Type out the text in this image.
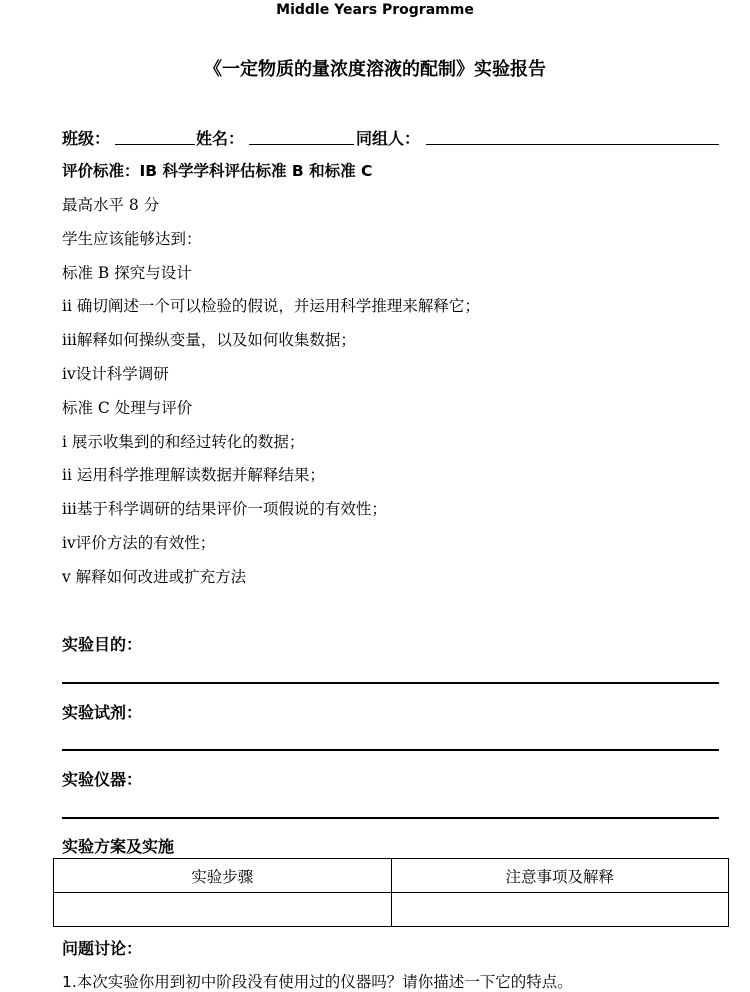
Middle Years Programme
《一定物质的量浓度溶液的配制》实验报告
班级：	姓名：	同组人：
评价标准：IB 科学学科评估标准 B 和标准 C
最高水平 8 分
学生应该能够达到：
标准 B 探究与设计
ii 确切阐述一个可以检验的假说，并运用科学推理来解释它；
iii解释如何操纵变量，以及如何收集数据；
iv设计科学调研
标准 C 处理与评价
i 展示收集到的和经过转化的数据；
ii 运用科学推理解读数据并解释结果；
iii基于科学调研的结果评价一项假说的有效性；
iv评价方法的有效性；
v 解释如何改进或扩充方法
实验目的：
实验试剂：
实验仪器：
实验方案及实施
实验步骤	注意事项及解释

问题讨论：
1.本次实验你用到初中阶段没有使用过的仪器吗？请你描述一下它的特点。
